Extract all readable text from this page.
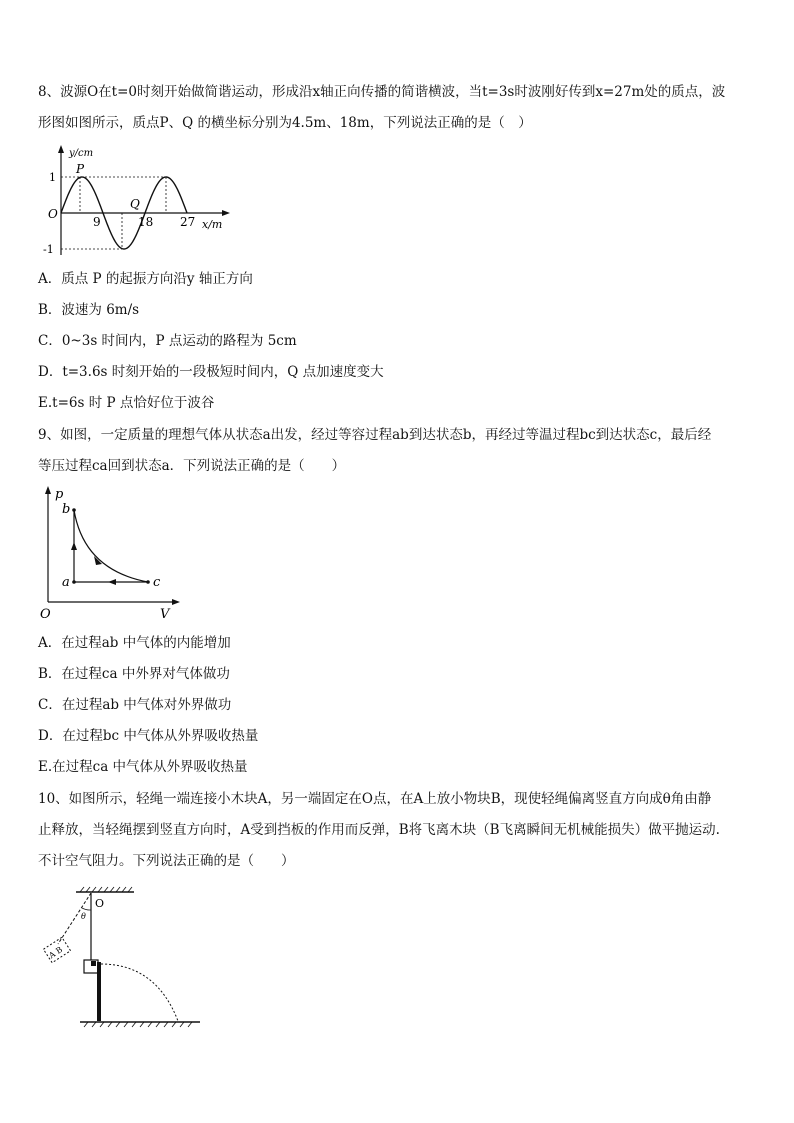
8、波源O在t=0时刻开始做简谐运动，形成沿x轴正向传播的简谐横波，当t=3s时波刚好传到x=27m处的质点，波
形图如图所示，质点P、Q 的横坐标分别为4.5m、18m，下列说法正确的是（　）
y/cm
1
-1
O
P
Q
9	18 27 x/m
A．质点 P 的起振方向沿y 轴正方向
B．波速为 6m/s
C．0~3s 时间内，P 点运动的路程为 5cm
D．t=3.6s 时刻开始的一段极短时间内，Q 点加速度变大
E.t=6s 时 P 点恰好位于波谷
9、如图，一定质量的理想气体从状态a出发，经过等容过程ab到达状态b，再经过等温过程bc到达状态c，最后经
等压过程ca回到状态a．下列说法正确的是（　　）
p
b
a	c
O	V
A．在过程ab 中气体的内能增加
B．在过程ca 中外界对气体做功
C．在过程ab 中气体对外界做功
D．在过程bc 中气体从外界吸收热量
E.在过程ca 中气体从外界吸收热量
10、如图所示，轻绳一端连接小木块A，另一端固定在O点，在A上放小物块B，现使轻绳偏离竖直方向成θ角由静
止释放，当轻绳摆到竖直方向时，A受到挡板的作用而反弹，B将飞离木块（B飞离瞬间无机械能损失）做平抛运动.
不计空气阻力。下列说法正确的是（　　）
O
θ
A B
